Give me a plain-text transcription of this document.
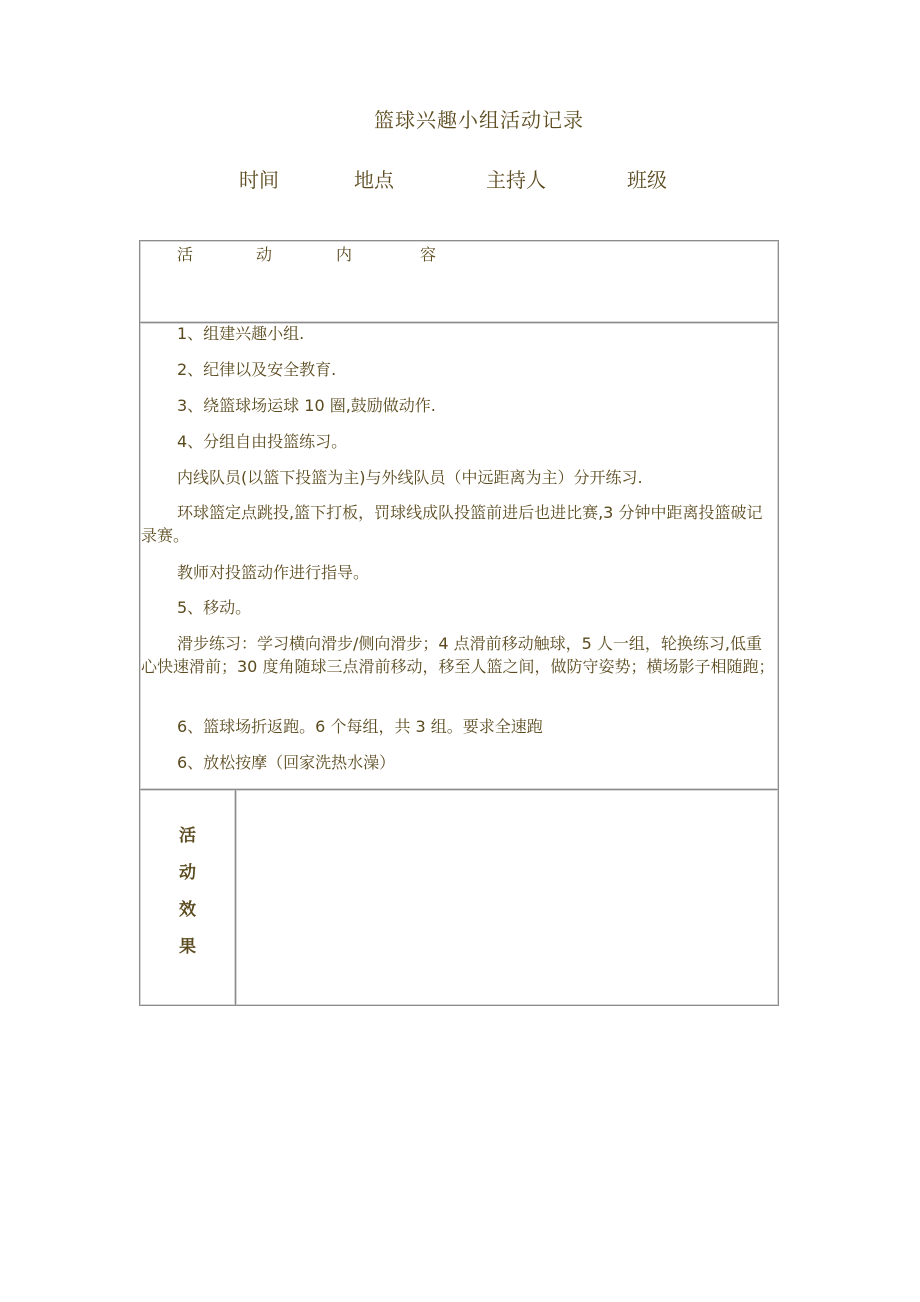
篮球兴趣小组活动记录
时间	地点	主持人	班级
活	动	内	容
1、组建兴趣小组.
2、纪律以及安全教育.
3、绕篮球场运球 10 圈,鼓励做动作.
4、分组自由投篮练习。
内线队员(以篮下投篮为主)与外线队员（中远距离为主）分开练习.
环球篮定点跳投,篮下打板，罚球线成队投篮前进后也进比赛,3 分钟中距离投篮破记录赛。
教师对投篮动作进行指导。
5、移动。
滑步练习：学习横向滑步/侧向滑步；4 点滑前移动触球，5 人一组，轮换练习,低重心快速滑前；30 度角随球三点滑前移动，移至人篮之间，做防守姿势；横场影子相随跑；
6、篮球场折返跑。6 个每组，共 3 组。要求全速跑
6、放松按摩（回家洗热水澡）
活
动
效
果
